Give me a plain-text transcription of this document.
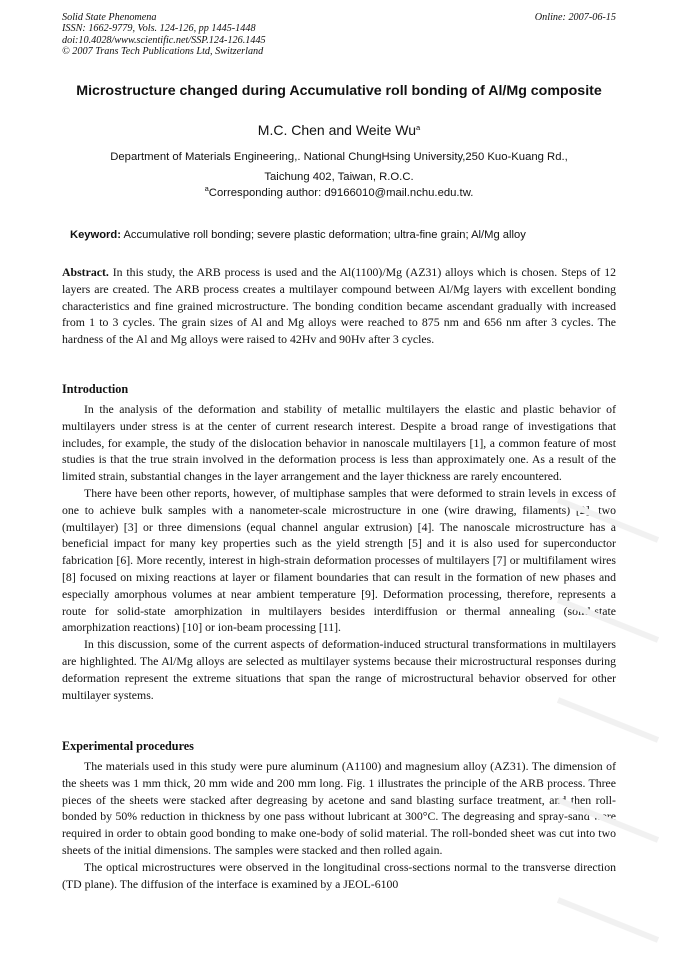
Solid State Phenomena
ISSN: 1662-9779, Vols. 124-126, pp 1445-1448
doi:10.4028/www.scientific.net/SSP.124-126.1445
© 2007 Trans Tech Publications Ltd, Switzerland
Online: 2007-06-15
Microstructure changed during Accumulative roll bonding of Al/Mg composite

M.C. Chen and Weite Wu$^a$

Department of Materials Engineering,. National ChungHsing University,250 Kuo-Kuang Rd.,
Taichung 402, Taiwan, R.O.C.

$^a$Corresponding author: d9166010@mail.nchu.edu.tw.

Keyword: Accumulative roll bonding; severe plastic deformation; ultra-fine grain; Al/Mg alloy

Abstract. In this study, the ARB process is used and the Al(1100)/Mg (AZ31) alloys which is chosen. Steps of 12 layers are created. The ARB process creates a multilayer compound between Al/Mg layers with excellent bonding characteristics and fine grained microstructure. The bonding condition became ascendant gradually with increased from 1 to 3 cycles. The grain sizes of Al and Mg alloys were reached to 875 nm and 656 nm after 3 cycles. The hardness of the Al and Mg alloys were raised to 42Hv and 90Hv after 3 cycles.

Introduction

In the analysis of the deformation and stability of metallic multilayers the elastic and plastic behavior of multilayers under stress is at the center of current research interest. Despite a broad range of investigations that includes, for example, the study of the dislocation behavior in nanoscale multilayers [1], a common feature of most studies is that the true strain involved in the deformation process is less than approximately one. As a result of the limited strain, substantial changes in the layer arrangement and the layer thickness are rarely encountered.

There have been other reports, however, of multiphase samples that were deformed to strain levels in excess of one to achieve bulk samples with a nanometer-scale microstructure in one (wire drawing, filaments) [2], two (multilayer) [3] or three dimensions (equal channel angular extrusion) [4]. The nanoscale microstructure has a beneficial impact for many key properties such as the yield strength [5] and it is also used for superconductor fabrication [6]. More recently, interest in high-strain deformation processes of multilayers [7] or multifilament wires [8] focused on mixing reactions at layer or filament boundaries that can result in the formation of new phases and especially amorphous volumes at near ambient temperature [9]. Deformation processing, therefore, represents a route for solid-state amorphization in multilayers besides interdiffusion or thermal annealing (solid-state amorphization reactions) [10] or ion-beam processing [11].

In this discussion, some of the current aspects of deformation-induced structural transformations in multilayers are highlighted. The Al/Mg alloys are selected as multilayer systems because their microstructural responses during deformation represent the extreme situations that span the range of microstructural behavior observed for other multilayer systems.

Experimental procedures

The materials used in this study were pure aluminum (A1100) and magnesium alloy (AZ31). The dimension of the sheets was 1 mm thick, 20 mm wide and 200 mm long. Fig. 1 illustrates the principle of the ARB process. Three pieces of the sheets were stacked after degreasing by acetone and sand blasting surface treatment, and then roll-bonded by 50% reduction in thickness by one pass without lubricant at 300°C. The degreasing and spray-sand were required in order to obtain good bonding to make one-body of solid material. The roll-bonded sheet was cut into two sheets of the initial dimensions. The samples were stacked and then rolled again.

The optical microstructures were observed in the longitudinal cross-sections normal to the transverse direction (TD plane). The diffusion of the interface is examined by a JEOL-6100
